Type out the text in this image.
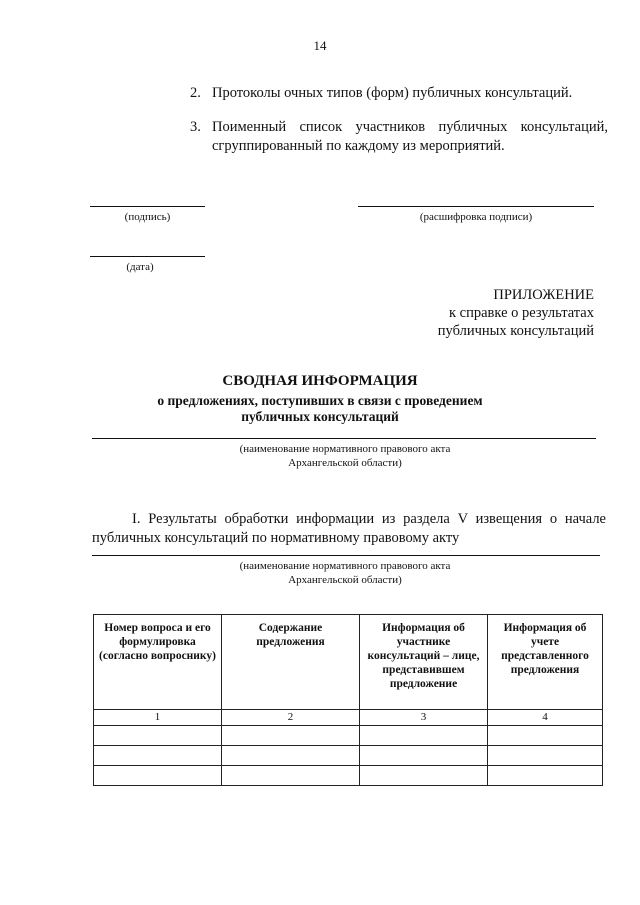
14
2. Протоколы очных типов (форм) публичных консультаций.
3. Поименный список участников публичных консультаций, сгруппированный по каждому из мероприятий.
(подпись)	(расшифровка подписи)
(дата)
ПРИЛОЖЕНИЕ
к справке о результатах
публичных консультаций
СВОДНАЯ ИНФОРМАЦИЯ
о предложениях, поступивших в связи с проведением публичных консультаций
(наименование нормативного правового акта
Архангельской области)
I. Результаты обработки информации из раздела V извещения о начале
публичных консультаций по нормативному правовому акту
(наименование нормативного правового акта
Архангельской области)
Номер вопроса и его формулировка (согласно вопроснику)	Содержание предложения	Информация об участнике консультаций – лице, представившем предложение	Информация об учете представленного предложения
1	2	3	4
